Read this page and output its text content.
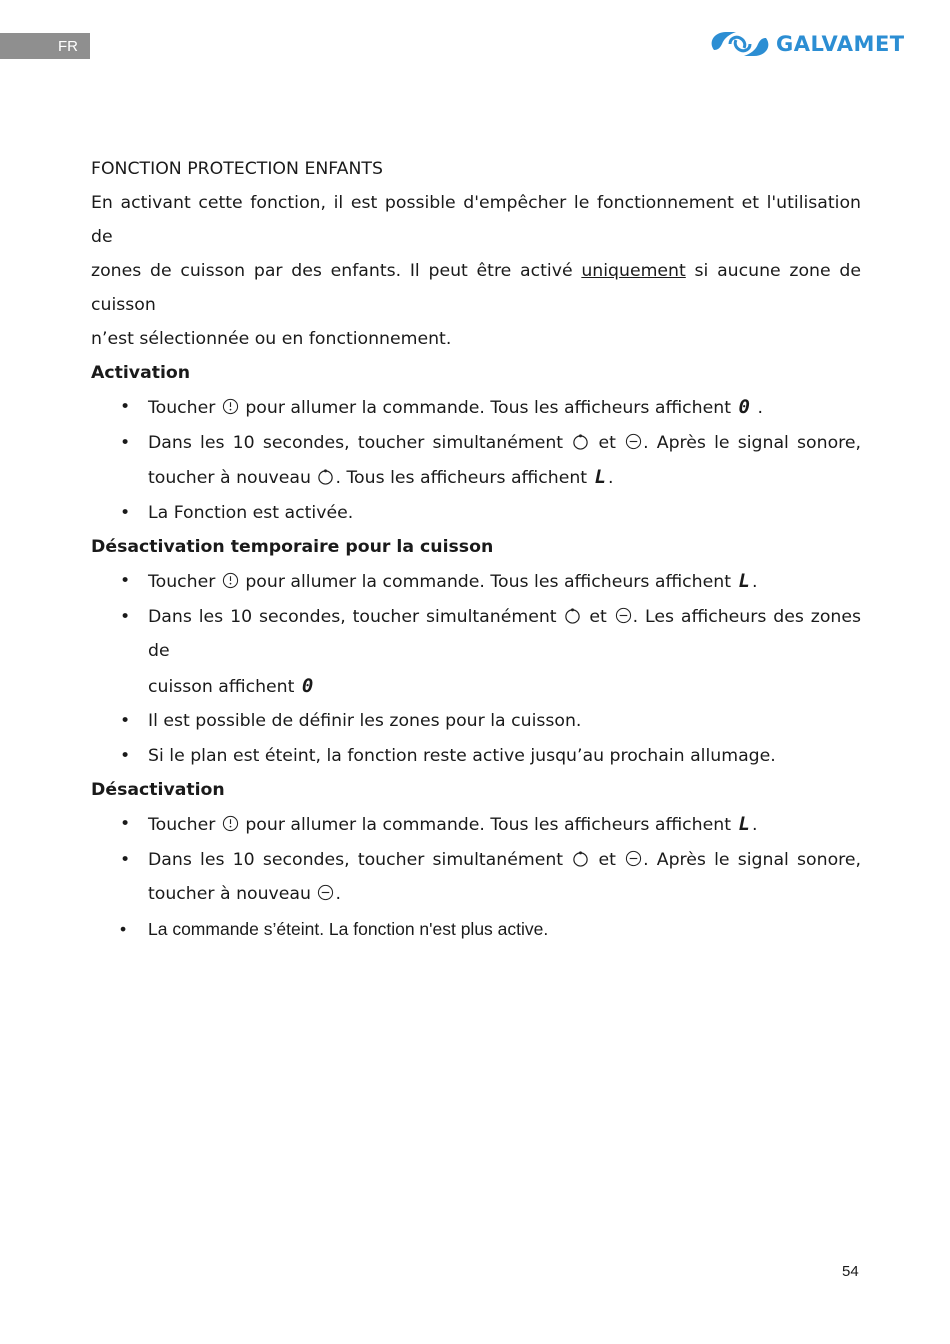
FR	GALVAMET
FONCTION PROTECTION ENFANTS
En activant cette fonction, il est possible d'empêcher le fonctionnement et l'utilisation de
zones de cuisson par des enfants. Il peut être activé uniquement si aucune zone de cuisson
n’est sélectionnée ou en fonctionnement.
Activation
• Toucher  pour allumer la commande. Tous les afficheurs affichent 0 .
• Dans les 10 secondes, toucher simultanément  et . Après le signal sonore,
toucher à nouveau . Tous les afficheurs affichent L .
• La Fonction est activée.
Désactivation temporaire pour la cuisson
• Toucher  pour allumer la commande. Tous les afficheurs affichent L .
• Dans les 10 secondes, toucher simultanément  et . Les afficheurs des zones de
cuisson affichent 0
• Il est possible de définir les zones pour la cuisson.
• Si le plan est éteint, la fonction reste active jusqu’au prochain allumage.
Désactivation
• Toucher  pour allumer la commande. Tous les afficheurs affichent L .
• Dans les 10 secondes, toucher simultanément  et . Après le signal sonore,
toucher à nouveau .
• La commande s’éteint. La fonction n'est plus active.
54
